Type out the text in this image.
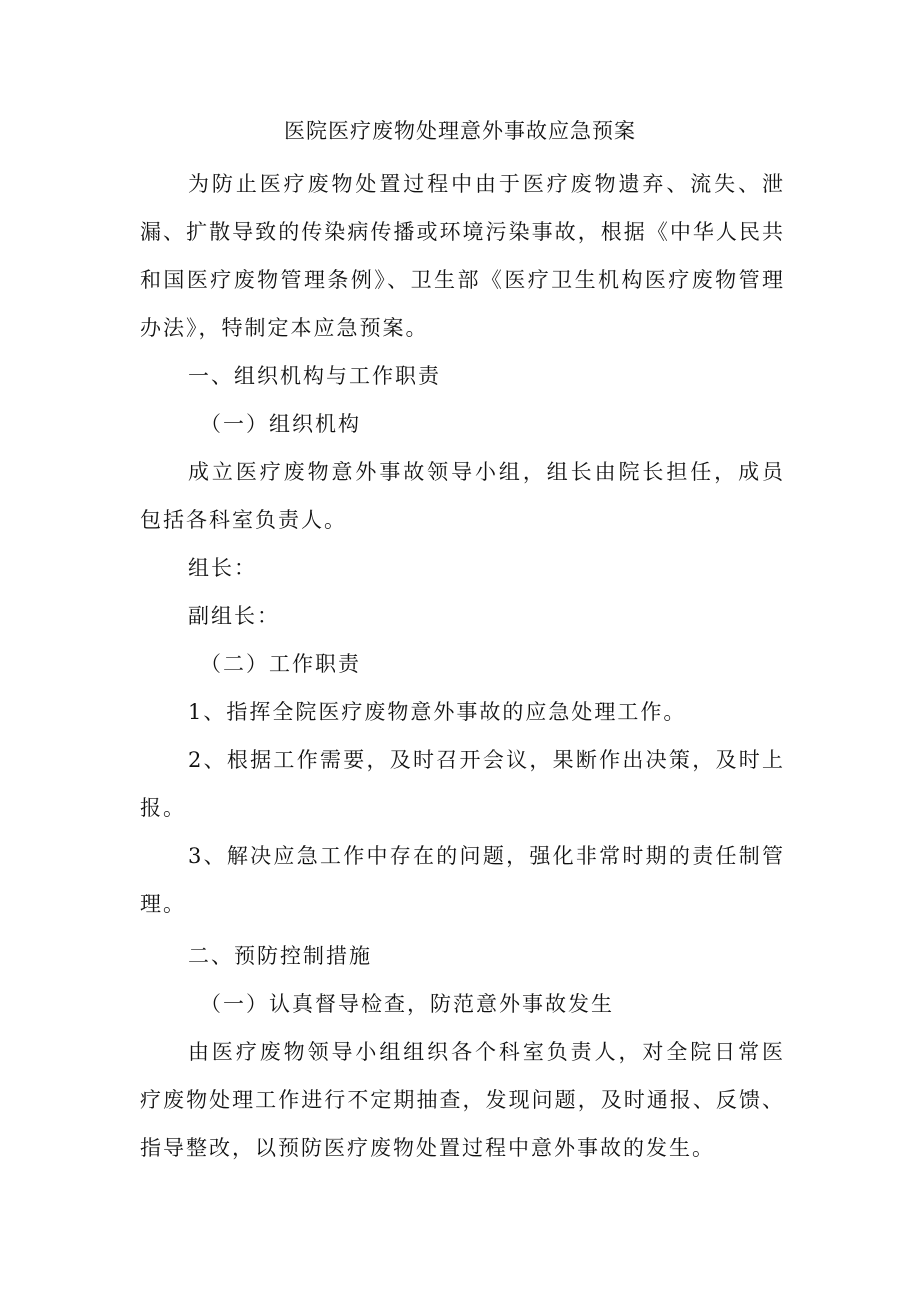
医院医疗废物处理意外事故应急预案

为防止医疗废物处置过程中由于医疗废物遗弃、流失、泄漏、扩散导致的传染病传播或环境污染事故，根据《中华人民共和国医疗废物管理条例》、卫生部《医疗卫生机构医疗废物管理办法》，特制定本应急预案。

一、组织机构与工作职责

（一）组织机构

成立医疗废物意外事故领导小组，组长由院长担任，成员包括各科室负责人。

组长：

副组长：

（二）工作职责

1、指挥全院医疗废物意外事故的应急处理工作。

2、根据工作需要，及时召开会议，果断作出决策，及时上报。

3、解决应急工作中存在的问题，强化非常时期的责任制管理。

二、预防控制措施

（一）认真督导检查，防范意外事故发生

由医疗废物领导小组组织各个科室负责人，对全院日常医疗废物处理工作进行不定期抽查，发现问题，及时通报、反馈、指导整改，以预防医疗废物处置过程中意外事故的发生。
